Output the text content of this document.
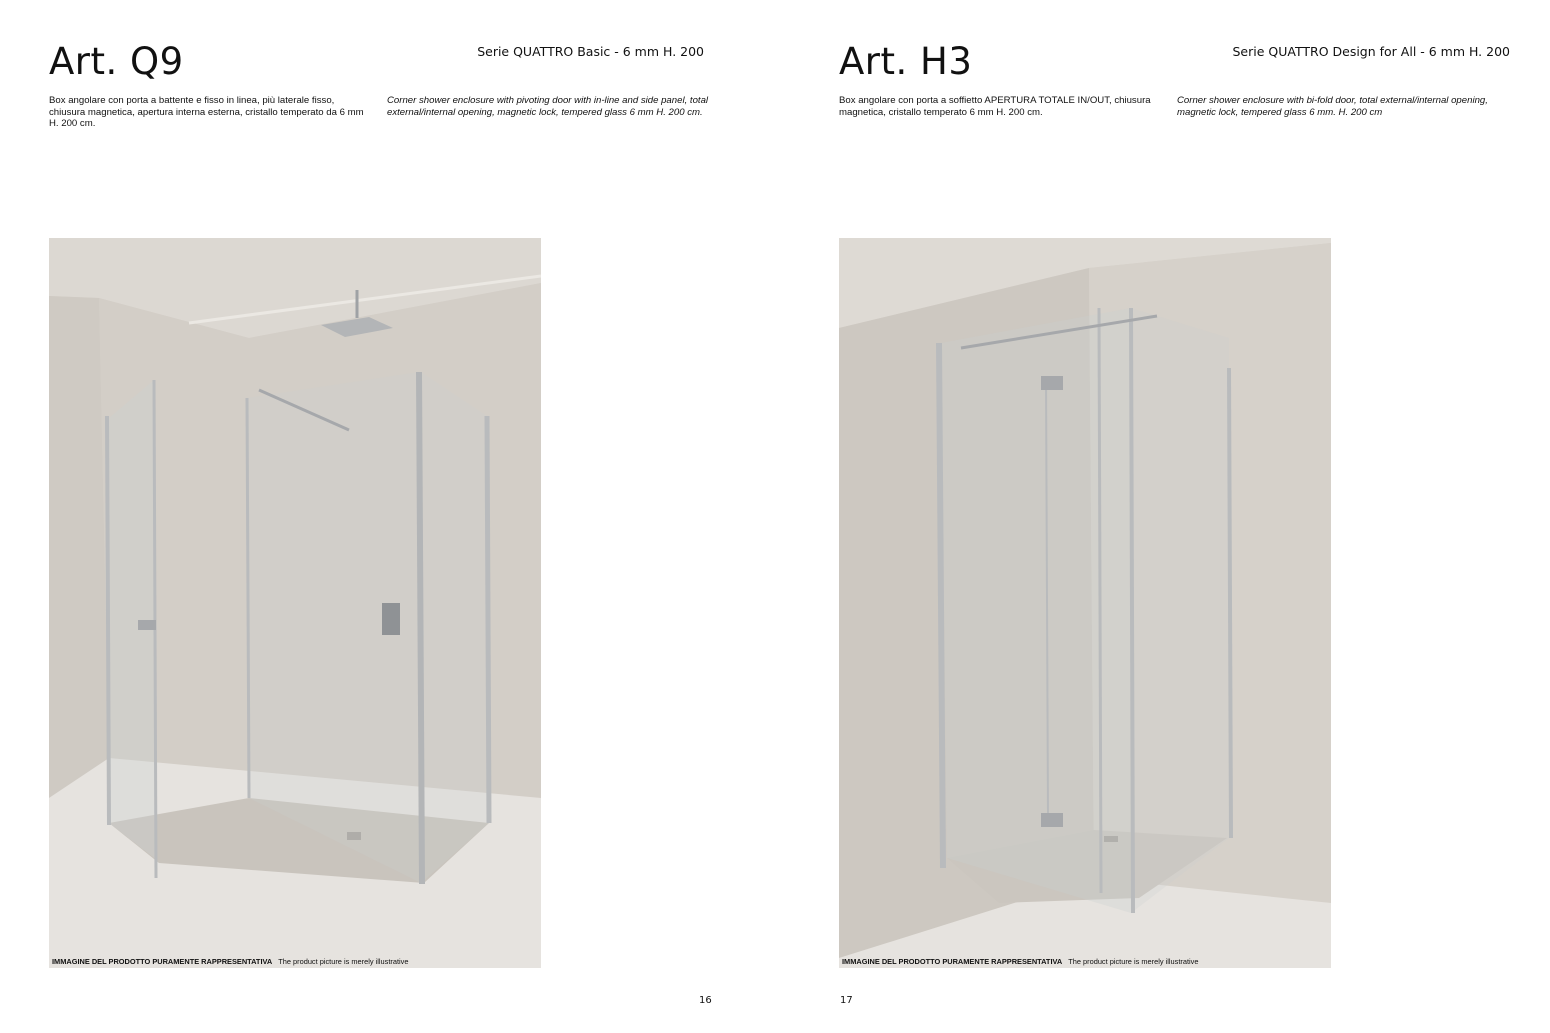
Art. Q9	Serie QUATTRO Basic - 6 mm H. 200
Box angolare con porta a battente e fisso in linea, più laterale fisso, chiusura magnetica, apertura interna esterna, cristallo temperato da 6 mm H. 200 cm.
Corner shower enclosure with pivoting door with in-line and side panel, total external/internal opening, magnetic lock, tempered glass 6 mm H. 200 cm.
IMMAGINE DEL PRODOTTO PURAMENTE RAPPRESENTATIVA The product picture is merely illustrative
16
Art. H3	Serie QUATTRO Design for All - 6 mm H. 200
Box angolare con porta a soffietto APERTURA TOTALE IN/OUT, chiusura magnetica, cristallo temperato 6 mm H. 200 cm.
Corner shower enclosure with bi-fold door, total external/internal opening, magnetic lock, tempered glass 6 mm. H. 200 cm
IMMAGINE DEL PRODOTTO PURAMENTE RAPPRESENTATIVA The product picture is merely illustrative
17
